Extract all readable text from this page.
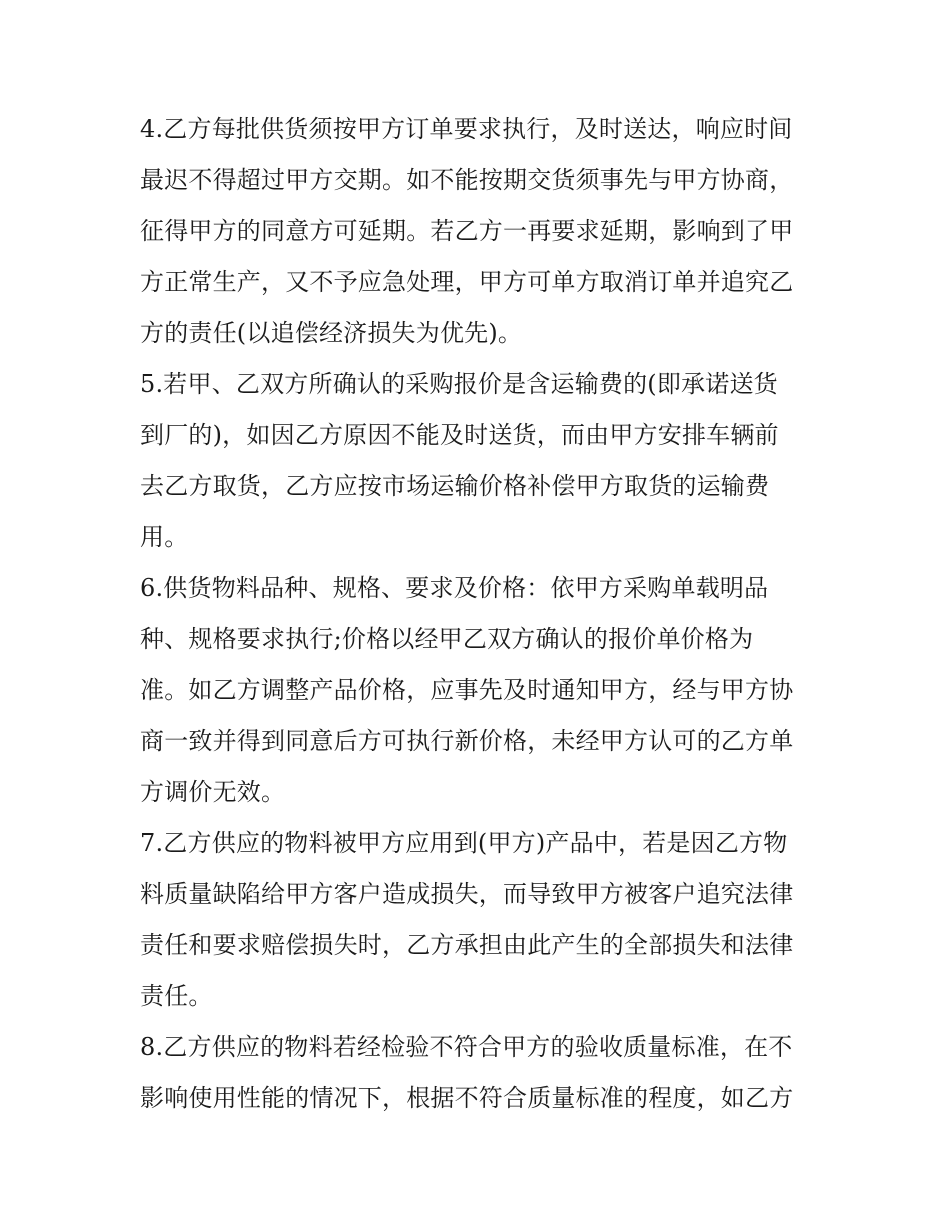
4.乙方每批供货须按甲方订单要求执行，及时送达，响应时间
最迟不得超过甲方交期。如不能按期交货须事先与甲方协商，
征得甲方的同意方可延期。若乙方一再要求延期，影响到了甲
方正常生产，又不予应急处理，甲方可单方取消订单并追究乙
方的责任(以追偿经济损失为优先)。
5.若甲、乙双方所确认的采购报价是含运输费的(即承诺送货
到厂的)，如因乙方原因不能及时送货，而由甲方安排车辆前
去乙方取货，乙方应按市场运输价格补偿甲方取货的运输费
用。
6.供货物料品种、规格、要求及价格：依甲方采购单载明品
种、规格要求执行;价格以经甲乙双方确认的报价单价格为
准。如乙方调整产品价格，应事先及时通知甲方，经与甲方协
商一致并得到同意后方可执行新价格，未经甲方认可的乙方单
方调价无效。
7.乙方供应的物料被甲方应用到(甲方)产品中，若是因乙方物
料质量缺陷给甲方客户造成损失，而导致甲方被客户追究法律
责任和要求赔偿损失时，乙方承担由此产生的全部损失和法律
责任。
8.乙方供应的物料若经检验不符合甲方的验收质量标准，在不
影响使用性能的情况下，根据不符合质量标准的程度，如乙方
